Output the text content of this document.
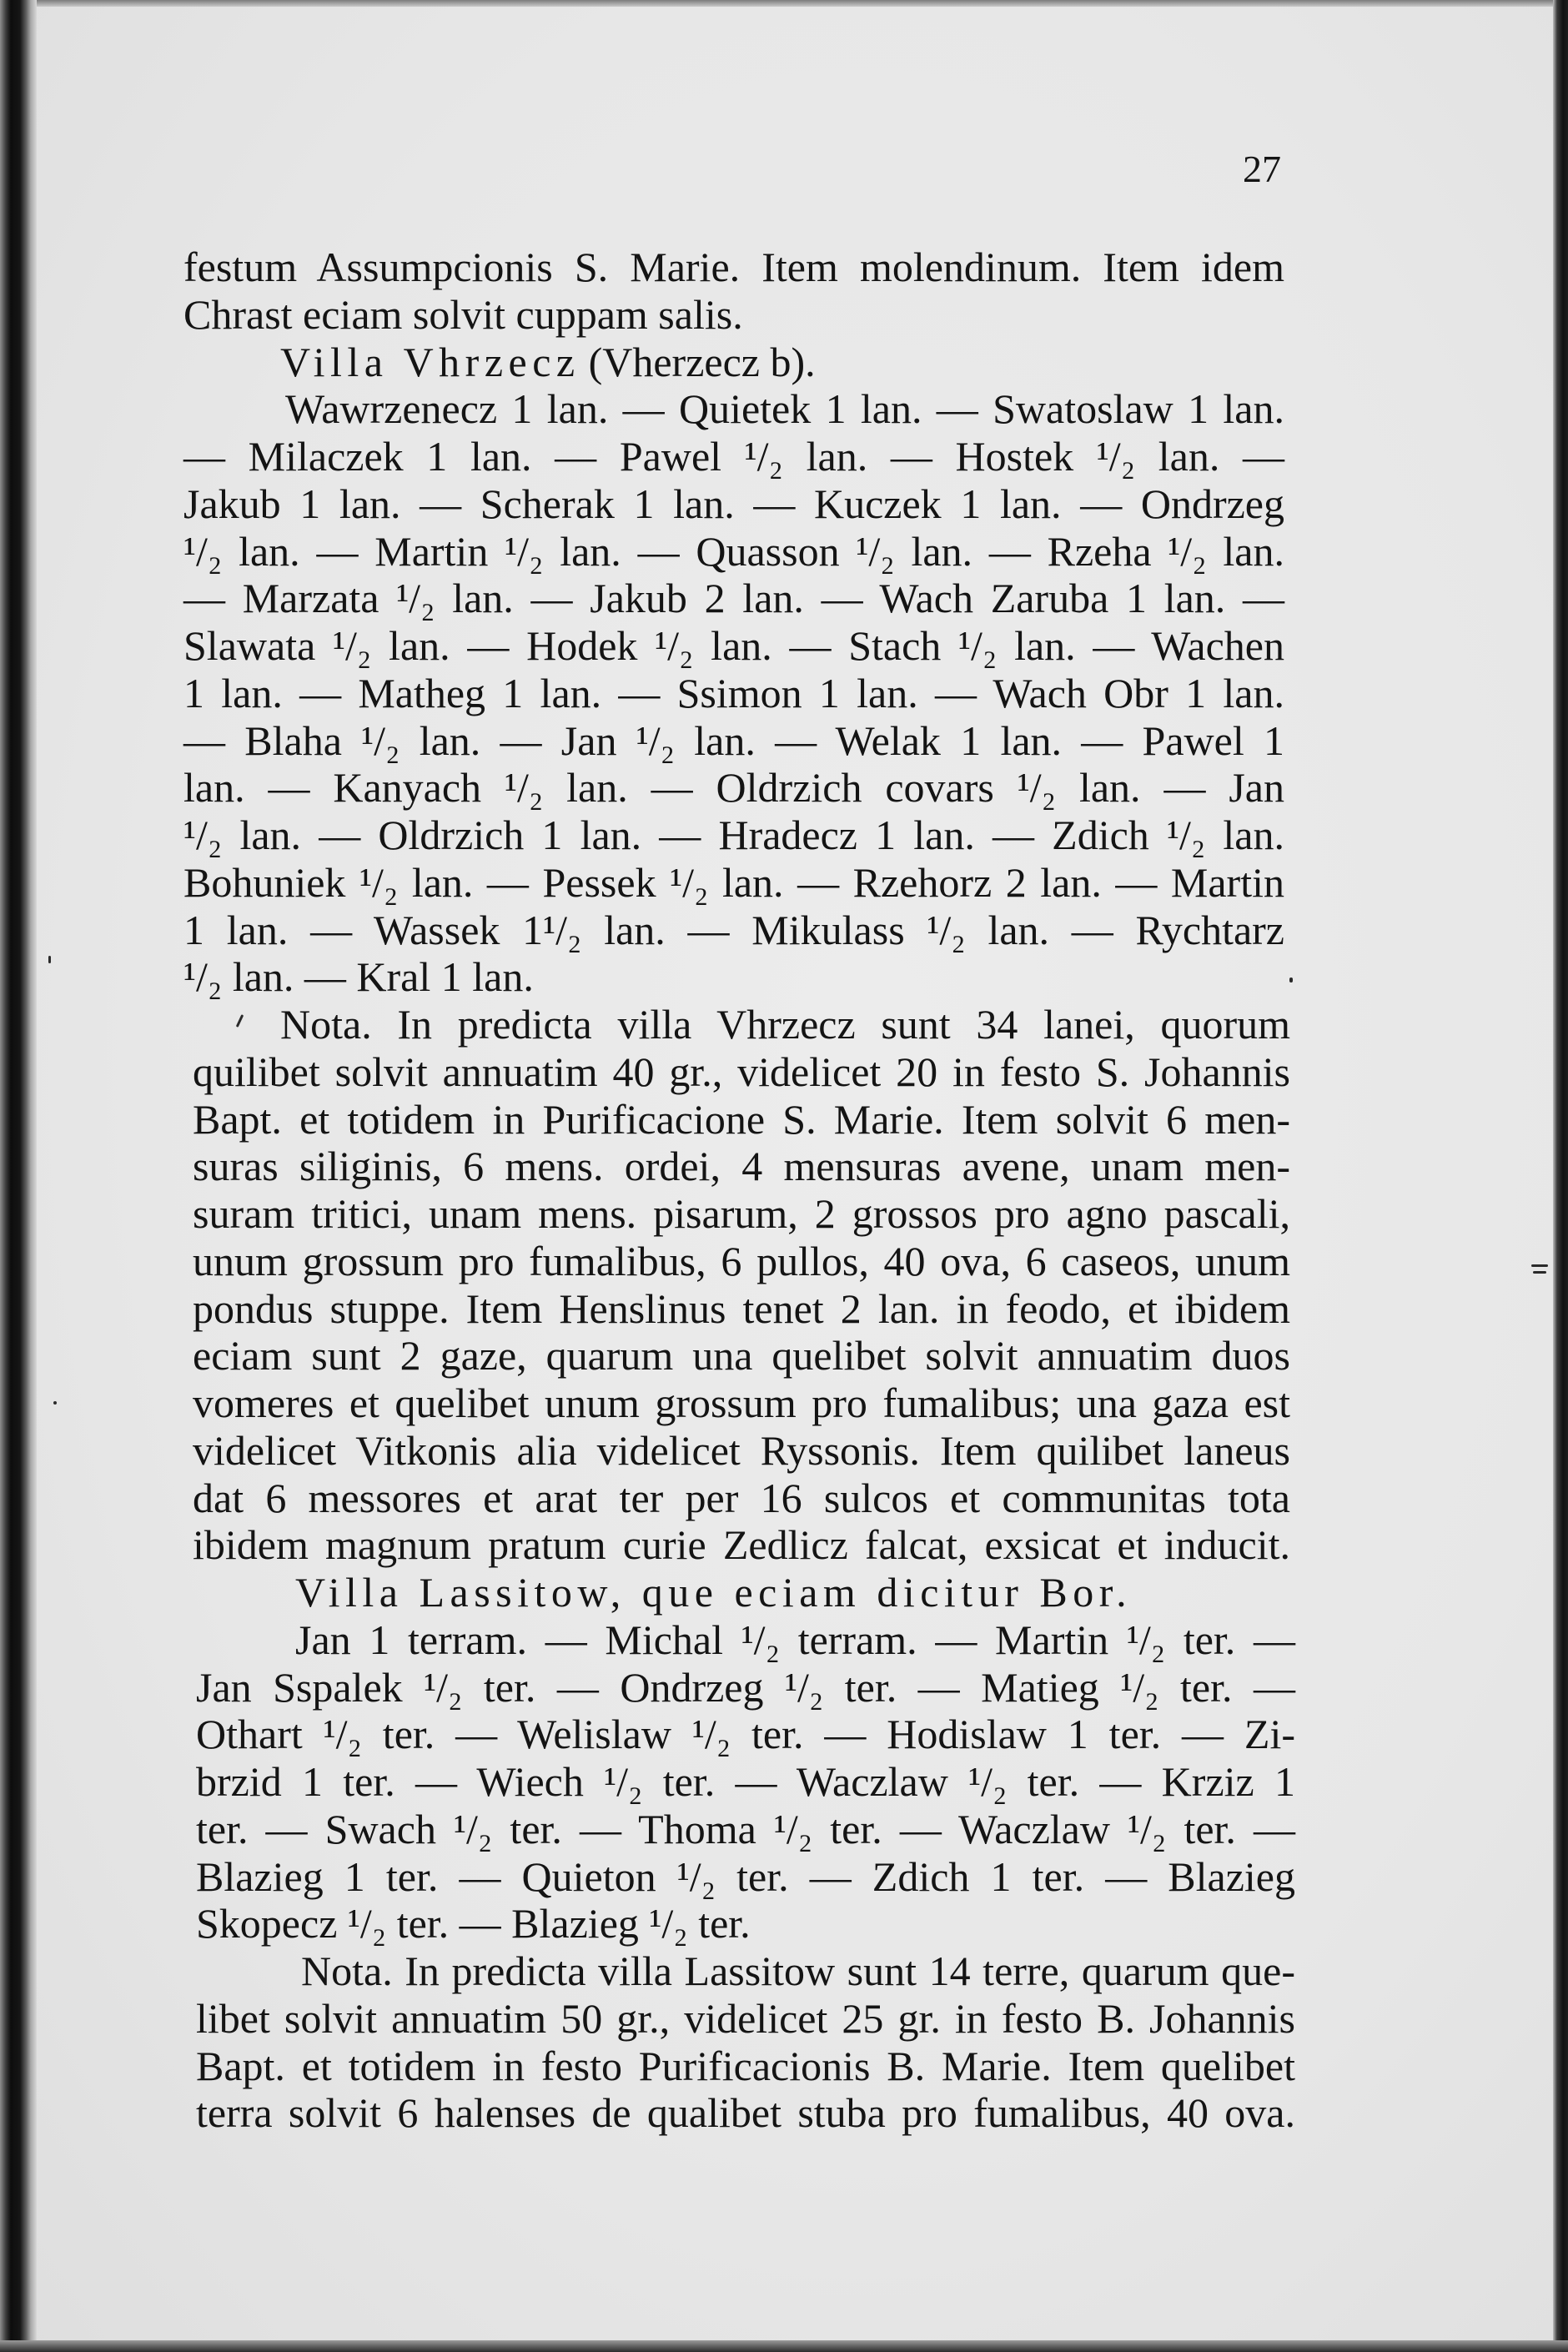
27
festum Assumpcionis S. Marie. Item molendinum. Item idem
Chrast eciam solvit cuppam salis.
Villa Vhrzecz (Vherzecz b).
Wawrzenecz 1 lan. — Quietek 1 lan. — Swatoslaw 1 lan.
— Milaczek 1 lan. — Pawel ¹/₂ lan. — Hostek ¹/₂ lan. —
Jakub 1 lan. — Scherak 1 lan. — Kuczek 1 lan. — Ondrzeg
¹/₂ lan. — Martin ¹/₂ lan. — Quasson ¹/₂ lan. — Rzeha ¹/₂ lan.
— Marzata ¹/₂ lan. — Jakub 2 lan. — Wach Zaruba 1 lan. —
Slawata ¹/₂ lan. — Hodek ¹/₂ lan. — Stach ¹/₂ lan. — Wachen
1 lan. — Matheg 1 lan. — Ssimon 1 lan. — Wach Obr 1 lan.
— Blaha ¹/₂ lan. — Jan ¹/₂ lan. — Welak 1 lan. — Pawel 1
lan. — Kanyach ¹/₂ lan. — Oldrzich covars ¹/₂ lan. — Jan
¹/₂ lan. — Oldrzich 1 lan. — Hradecz 1 lan. — Zdich ¹/₂ lan.
Bohuniek ¹/₂ lan. — Pessek ¹/₂ lan. — Rzehorz 2 lan. — Martin
1 lan. — Wassek 1¹/₂ lan. — Mikulass ¹/₂ lan. — Rychtarz
¹/₂ lan. — Kral 1 lan.
Nota. In predicta villa Vhrzecz sunt 34 lanei, quorum
quilibet solvit annuatim 40 gr., videlicet 20 in festo S. Johannis
Bapt. et totidem in Purificacione S. Marie. Item solvit 6 men-
suras siliginis, 6 mens. ordei, 4 mensuras avene, unam men-
suram tritici, unam mens. pisarum, 2 grossos pro agno pascali,
unum grossum pro fumalibus, 6 pullos, 40 ova, 6 caseos, unum
pondus stuppe. Item Henslinus tenet 2 lan. in feodo, et ibidem
eciam sunt 2 gaze, quarum una quelibet solvit annuatim duos
vomeres et quelibet unum grossum pro fumalibus; una gaza est
videlicet Vitkonis alia videlicet Ryssonis. Item quilibet laneus
dat 6 messores et arat ter per 16 sulcos et communitas tota
ibidem magnum pratum curie Zedlicz falcat, exsicat et inducit.
Villa Lassitow, que eciam dicitur Bor.
Jan 1 terram. — Michal ¹/₂ terram. — Martin ¹/₂ ter. —
Jan Sspalek ¹/₂ ter. — Ondrzeg ¹/₂ ter. — Matieg ¹/₂ ter. —
Othart ¹/₂ ter. — Welislaw ¹/₂ ter. — Hodislaw 1 ter. — Zi-
brzid 1 ter. — Wiech ¹/₂ ter. — Waczlaw ¹/₂ ter. — Krziz 1
ter. — Swach ¹/₂ ter. — Thoma ¹/₂ ter. — Waczlaw ¹/₂ ter. —
Blazieg 1 ter. — Quieton ¹/₂ ter. — Zdich 1 ter. — Blazieg
Skopecz ¹/₂ ter. — Blazieg ¹/₂ ter.
Nota. In predicta villa Lassitow sunt 14 terre, quarum que-
libet solvit annuatim 50 gr., videlicet 25 gr. in festo B. Johannis
Bapt. et totidem in festo Purificacionis B. Marie. Item quelibet
terra solvit 6 halenses de qualibet stuba pro fumalibus, 40 ova.
